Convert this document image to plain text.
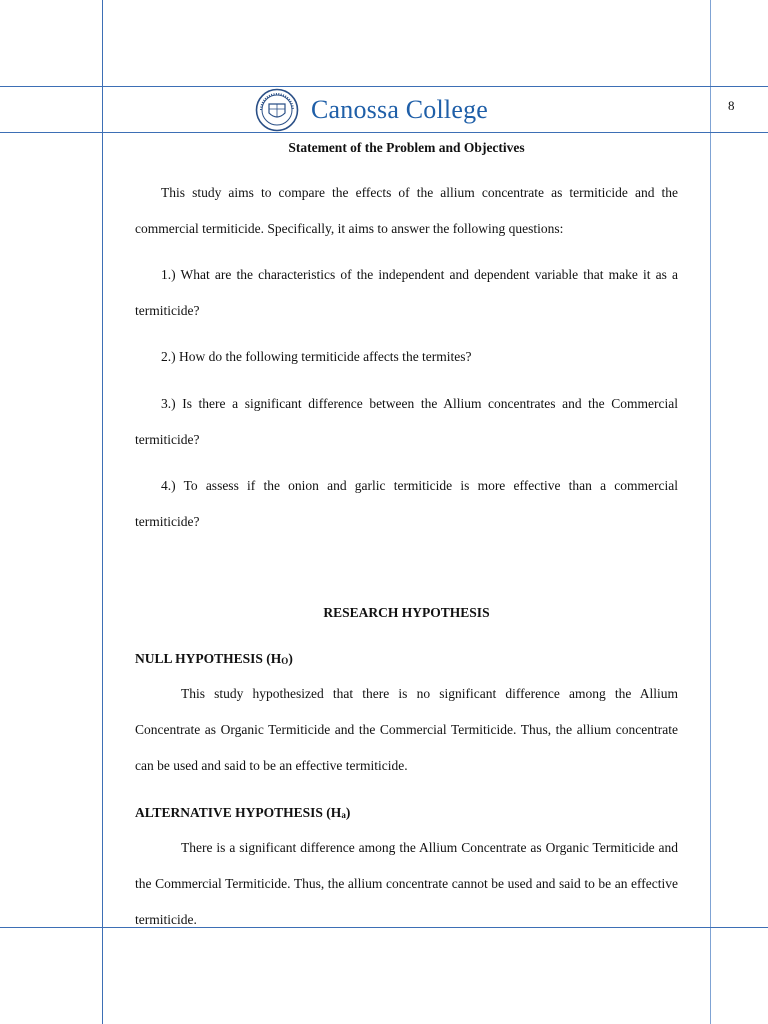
Canossa College	8
Statement of the Problem and Objectives

This study aims to compare the effects of the allium concentrate as termiticide and the commercial termiticide. Specifically, it aims to answer the following questions:

1.) What are the characteristics of the independent and dependent variable that make it as a termiticide?

2.) How do the following termiticide affects the termites?

3.) Is there a significant difference between the Allium concentrates and the Commercial termiticide?

4.) To assess if the onion and garlic termiticide is more effective than a commercial termiticide?

RESEARCH HYPOTHESIS
NULL HYPOTHESIS (HO)

This study hypothesized that there is no significant difference among the Allium Concentrate as Organic Termiticide and the Commercial Termiticide. Thus, the allium concentrate can be used and said to be an effective termiticide.

ALTERNATIVE HYPOTHESIS (Ha)

There is a significant difference among the Allium Concentrate as Organic Termiticide and the Commercial Termiticide. Thus, the allium concentrate cannot be used and said to be an effective termiticide.
